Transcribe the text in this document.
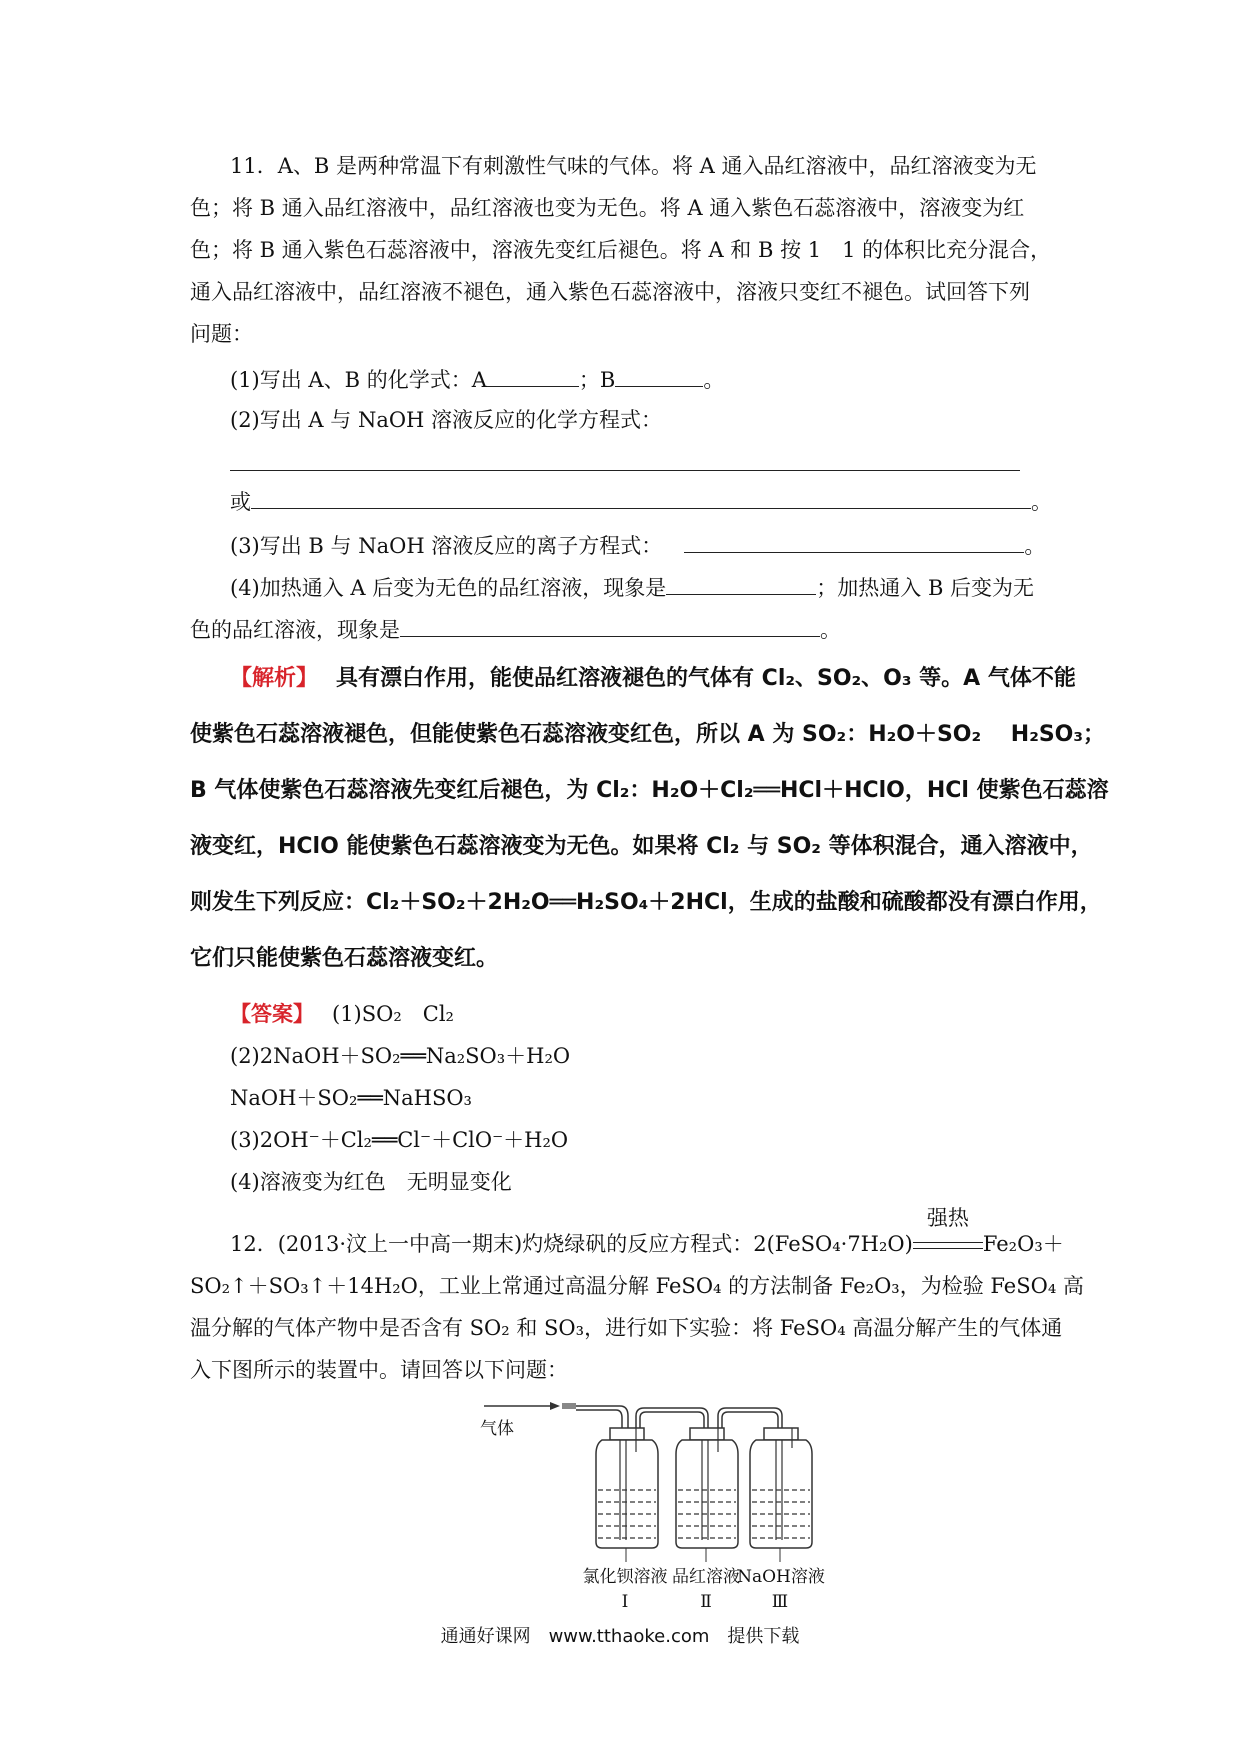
11．A、B 是两种常温下有刺激性气味的气体。将 A 通入品红溶液中，品红溶液变为无
色；将 B 通入品红溶液中，品红溶液也变为无色。将 A 通入紫色石蕊溶液中，溶液变为红
色；将 B 通入紫色石蕊溶液中，溶液先变红后褪色。将 A 和 B 按 1　1 的体积比充分混合，
通入品红溶液中，品红溶液不褪色，通入紫色石蕊溶液中，溶液只变红不褪色。试回答下列
问题：
(1)写出 A、B 的化学式：A	；B	。
(2)写出 A 与 NaOH 溶液反应的化学方程式：
或	。
(3)写出 B 与 NaOH 溶液反应的离子方程式：	。
(4)加热通入 A 后变为无色的品红溶液，现象是	；加热通入 B 后变为无
色的品红溶液，现象是	。
【解析】 具有漂白作用，能使品红溶液褪色的气体有 Cl₂、SO₂、O₃ 等。A 气体不能
使紫色石蕊溶液褪色，但能使紫色石蕊溶液变红色，所以 A 为 SO₂：H₂O＋SO₂　 H₂SO₃；
B 气体使紫色石蕊溶液先变红后褪色，为 Cl₂：H₂O＋Cl₂══HCl＋HClO，HCl 使紫色石蕊溶
液变红，HClO 能使紫色石蕊溶液变为无色。如果将 Cl₂ 与 SO₂ 等体积混合，通入溶液中，
则发生下列反应：Cl₂＋SO₂＋2H₂O══H₂SO₄＋2HCl，生成的盐酸和硫酸都没有漂白作用，
它们只能使紫色石蕊溶液变红。
【答案】 (1)SO₂　Cl₂
(2)2NaOH＋SO₂══Na₂SO₃＋H₂O
NaOH＋SO₂══NaHSO₃
(3)2OH⁻＋Cl₂══Cl⁻＋ClO⁻＋H₂O
(4)溶液变为红色　无明显变化
12．(2013·汶上一中高一期末)灼烧绿矾的反应方程式：2(FeSO₄·7H₂O)
强热
Fe₂O₃＋
SO₂↑＋SO₃↑＋14H₂O，工业上常通过高温分解 FeSO₄ 的方法制备 Fe₂O₃，为检验 FeSO₄ 高
温分解的气体产物中是否含有 SO₂ 和 SO₃，进行如下实验：将 FeSO₄ 高温分解产生的气体通
入下图所示的装置中。请回答以下问题：
气体
氯化钡溶液 品红溶液
NaOH溶液
Ⅰ	Ⅱ	Ⅲ
通通好课网　www.tthaoke.com　提供下载
